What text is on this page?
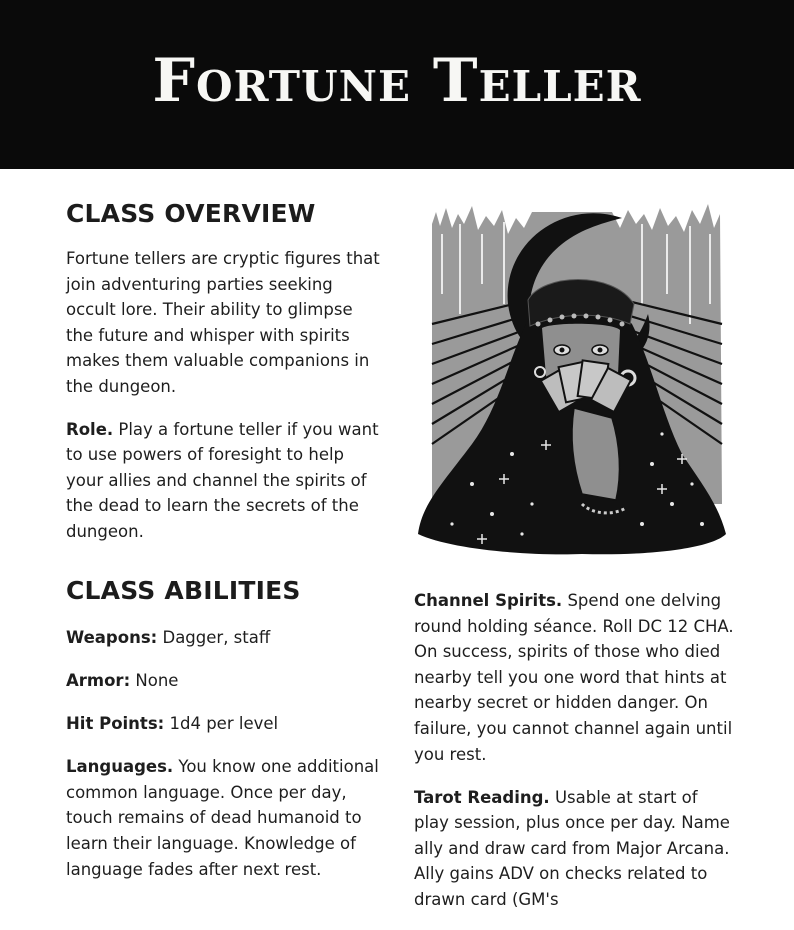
Fortune Teller
CLASS OVERVIEW

Fortune tellers are cryptic figures that join adventuring parties seeking occult lore. Their ability to glimpse the future and whisper with spirits makes them valuable companions in the dungeon.

Role. Play a fortune teller if you want to use powers of foresight to help your allies and channel the spirits of the dead to learn the secrets of the dungeon.

CLASS ABILITIES

Weapons: Dagger, staff

Armor: None

Hit Points: 1d4 per level

Languages. You know one additional common language. Once per day, touch remains of dead humanoid to learn their language. Knowledge of language fades after next rest.

Channel Spirits. Spend one delving round holding séance. Roll DC 12 CHA. On success, spirits of those who died nearby tell you one word that hints at nearby secret or hidden danger. On failure, you cannot channel again until you rest.

Tarot Reading. Usable at start of play session, plus once per day. Name ally and draw card from Major Arcana. Ally gains ADV on checks related to drawn card (GM's
